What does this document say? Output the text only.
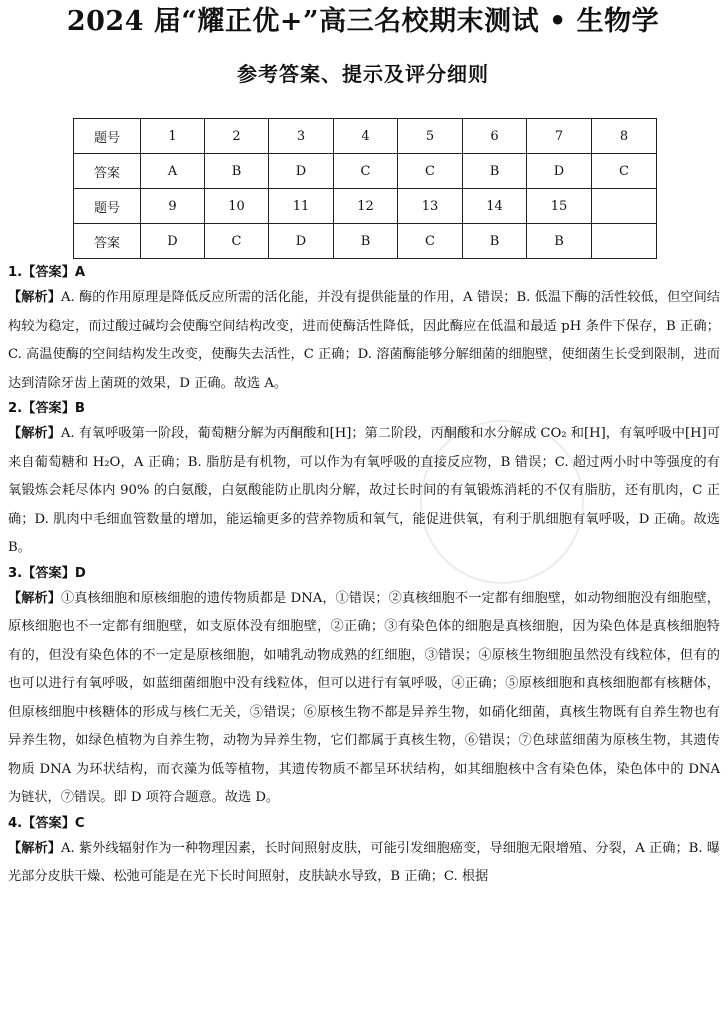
2024 届“耀正优+”高三名校期末测试 • 生物学
参考答案、提示及评分细则
题号	1	2	3	4	5	6	7	8
答案	A	B	D	C	C	B	D	C
题号	9	10	11	12	13	14	15	
答案	D	C	D	B	C	B	B	
1.【答案】A

【解析】A. 酶的作用原理是降低反应所需的活化能，并没有提供能量的作用，A 错误；B. 低温下酶的活性较低，但空间结构较为稳定，而过酸过碱均会使酶空间结构改变，进而使酶活性降低，因此酶应在低温和最适 pH 条件下保存，B 正确；C. 高温使酶的空间结构发生改变，使酶失去活性，C 正确；D. 溶菌酶能够分解细菌的细胞壁，使细菌生长受到限制，进而达到清除牙齿上菌斑的效果，D 正确。故选 A。

2.【答案】B

【解析】A. 有氧呼吸第一阶段，葡萄糖分解为丙酮酸和[H]；第二阶段，丙酮酸和水分解成 CO₂ 和[H]，有氧呼吸中[H]可来自葡萄糖和 H₂O，A 正确；B. 脂肪是有机物，可以作为有氧呼吸的直接反应物，B 错误；C. 超过两小时中等强度的有氧锻炼会耗尽体内 90% 的白氨酸，白氨酸能防止肌肉分解，故过长时间的有氧锻炼消耗的不仅有脂肪，还有肌肉，C 正确；D. 肌肉中毛细血管数量的增加，能运输更多的营养物质和氧气，能促进供氧，有利于肌细胞有氧呼吸，D 正确。故选 B。

3.【答案】D

【解析】①真核细胞和原核细胞的遗传物质都是 DNA，①错误；②真核细胞不一定都有细胞壁，如动物细胞没有细胞壁，原核细胞也不一定都有细胞壁，如支原体没有细胞壁，②正确；③有染色体的细胞是真核细胞，因为染色体是真核细胞特有的，但没有染色体的不一定是原核细胞，如哺乳动物成熟的红细胞，③错误；④原核生物细胞虽然没有线粒体，但有的也可以进行有氧呼吸，如蓝细菌细胞中没有线粒体，但可以进行有氧呼吸，④正确；⑤原核细胞和真核细胞都有核糖体，但原核细胞中核糖体的形成与核仁无关，⑤错误；⑥原核生物不都是异养生物，如硝化细菌，真核生物既有自养生物也有异养生物，如绿色植物为自养生物，动物为异养生物，它们都属于真核生物，⑥错误；⑦色球蓝细菌为原核生物，其遗传物质 DNA 为环状结构，而衣藻为低等植物，其遗传物质不都呈环状结构，如其细胞核中含有染色体，染色体中的 DNA 为链状，⑦错误。即 D 项符合题意。故选 D。

4.【答案】C

【解析】A. 紫外线辐射作为一种物理因素，长时间照射皮肤，可能引发细胞癌变，导细胞无限增殖、分裂，A 正确；B. 曝光部分皮肤干燥、松弛可能是在光下长时间照射，皮肤缺水导致，B 正确；C. 根据
